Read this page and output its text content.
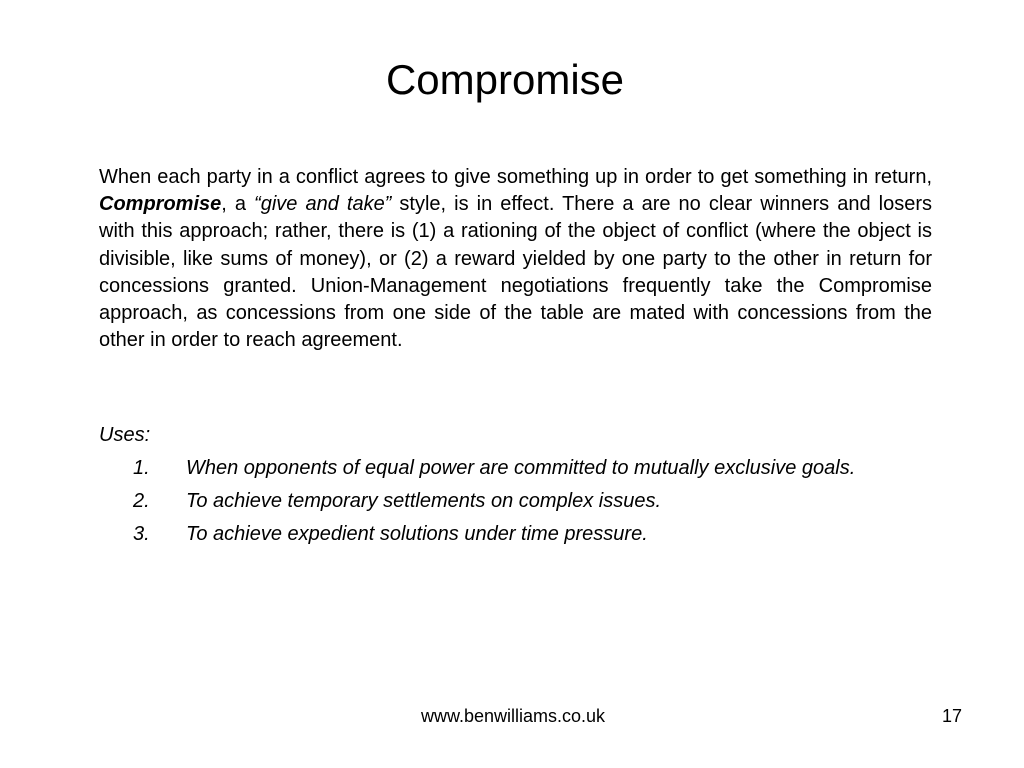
Compromise

When each party in a conflict agrees to give something up in order to get something in return, Compromise, a “give and take” style, is in effect. There a are no clear winners and losers with this approach; rather, there is (1) a rationing of the object of conflict (where the object is divisible, like sums of money), or (2) a reward yielded by one party to the other in return for concessions granted. Union-Management negotiations frequently take the Compromise approach, as concessions from one side of the table are mated with concessions from the other in order to reach agreement.

Uses:

1. When opponents of equal power are committed to mutually exclusive goals.
2. To achieve temporary settlements on complex issues.
3. To achieve expedient solutions under time pressure.
www.benwilliams.co.uk	17
